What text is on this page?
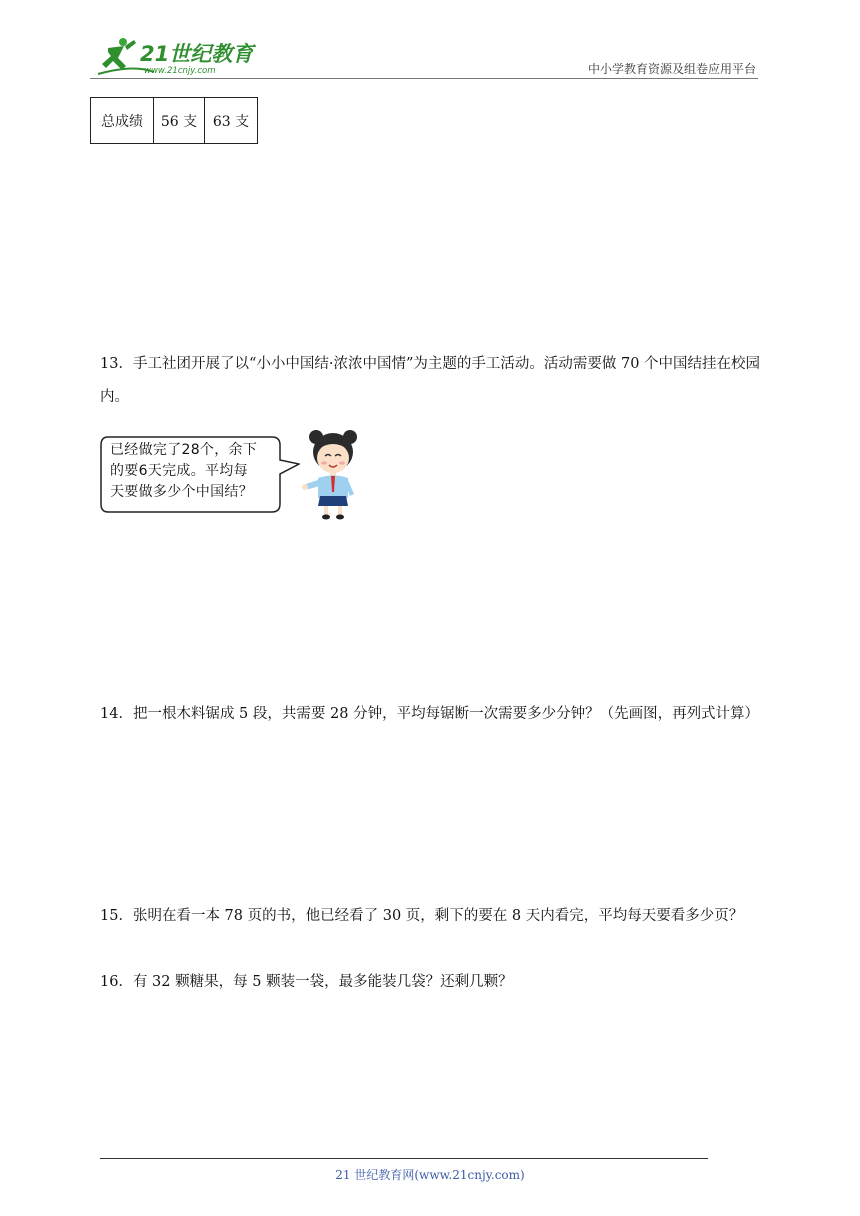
21世纪教育
www.21cnjy.com	中小学教育资源及组卷应用平台
总成绩	56 支	63 支
13．手工社团开展了以“小小中国结·浓浓中国情”为主题的手工活动。活动需要做 70 个中国结挂在校园内。
已经做完了28个，余下
的要6天完成。平均每
天要做多少个中国结？
14．把一根木料锯成 5 段，共需要 28 分钟，平均每锯断一次需要多少分钟？（先画图，再列式计算）
15．张明在看一本 78 页的书，他已经看了 30 页，剩下的要在 8 天内看完，平均每天要看多少页？
16．有 32 颗糖果，每 5 颗装一袋，最多能装几袋？还剩几颗？
21 世纪教育网(www.21cnjy.com)
